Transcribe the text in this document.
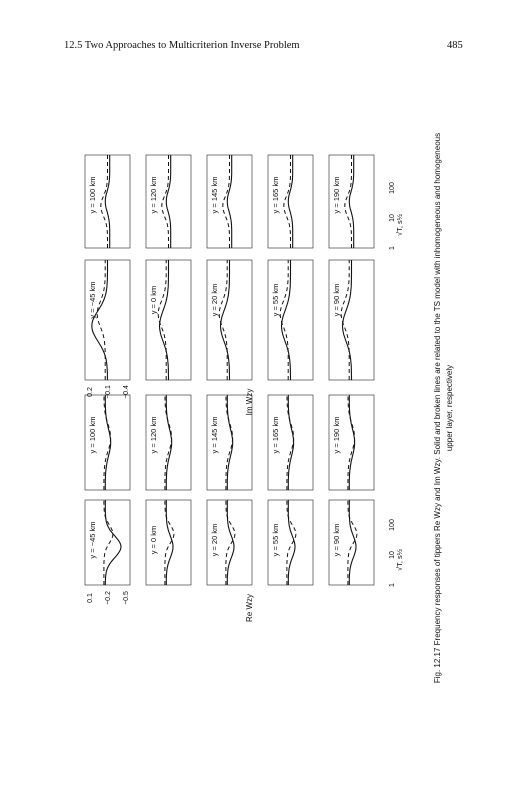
12.5 Two Approaches to Multicriterion Inverse Problem	485
y = 100 km	y = 120 km	y = 145 km	y = 165 km	y = 190 km
y = −45 km	y = 0 km	y = 20 km	y = 55 km	y = 90 km
y = 100 km	y = 120 km	y = 145 km	y = 165 km	y = 190 km
y = −45 km	y = 0 km	y = 20 km	y = 55 km	y = 90 km
0.1 −0.2 −0.5
0.2 −0.1 −0.4
1
10
100
1
10
100
√T, s½
√T, s½
Re Wzy
Im Wzy	Fig. 12.17 Frequency responses of tippers Re Wzy and Im Wzy. Solid and broken lines are related to the TS model with inhomogeneous and homogeneous upper layer, respectively
